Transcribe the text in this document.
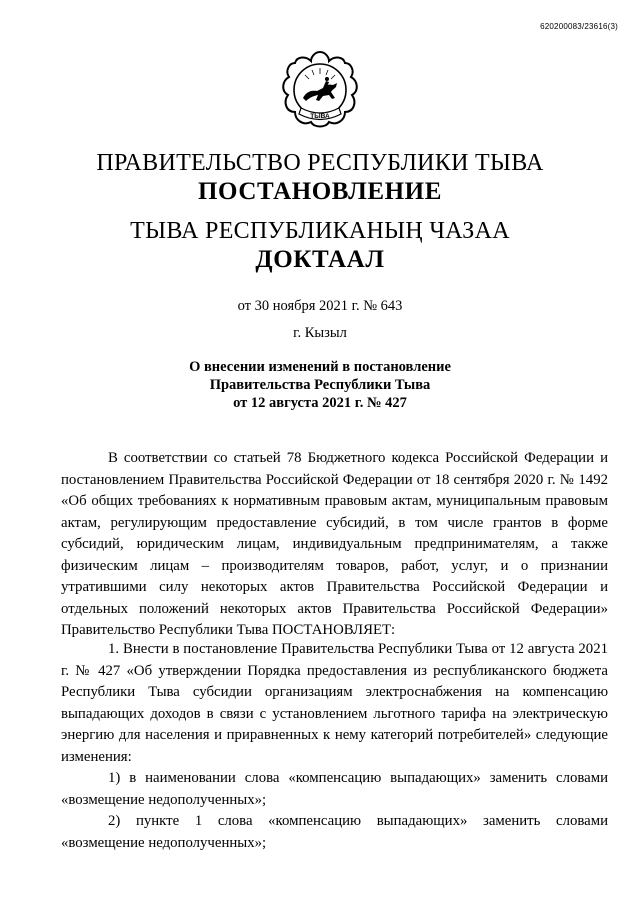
620200083/23616(3)
ТЫВА
ПРАВИТЕЛЬСТВО РЕСПУБЛИКИ ТЫВА
ПОСТАНОВЛЕНИЕ
ТЫВА РЕСПУБЛИКАНЫҢ ЧАЗАА
ДОКТААЛ
от 30 ноября 2021 г. № 643
г. Кызыл
О внесении изменений в постановление
Правительства Республики Тыва
от 12 августа 2021 г. № 427

В соответствии со статьей 78 Бюджетного кодекса Российской Федерации и постановлением Правительства Российской Федерации от 18 сентября 2020 г. № 1492 «Об общих требованиях к нормативным правовым актам, муниципальным правовым актам, регулирующим предоставление субсидий, в том числе грантов в форме субсидий, юридическим лицам, индивидуальным предпринимателям, а также физическим лицам – производителям товаров, работ, услуг, и о признании утратившими силу некоторых актов Правительства Российской Федерации и отдельных положений некоторых актов Правительства Российской Федерации» Правительство Республики Тыва ПОСТАНОВЛЯЕТ:

1. Внести в постановление Правительства Республики Тыва от 12 августа 2021 г. № 427 «Об утверждении Порядка предоставления из республиканского бюджета Республики Тыва субсидии организациям электроснабжения на компенсацию выпадающих доходов в связи с установлением льготного тарифа на электрическую энергию для населения и приравненных к нему категорий потребителей» следующие изменения:

1) в наименовании слова «компенсацию выпадающих» заменить словами «возмещение недополученных»;

2) пункте 1 слова «компенсацию выпадающих» заменить словами «возмещение недополученных»;
